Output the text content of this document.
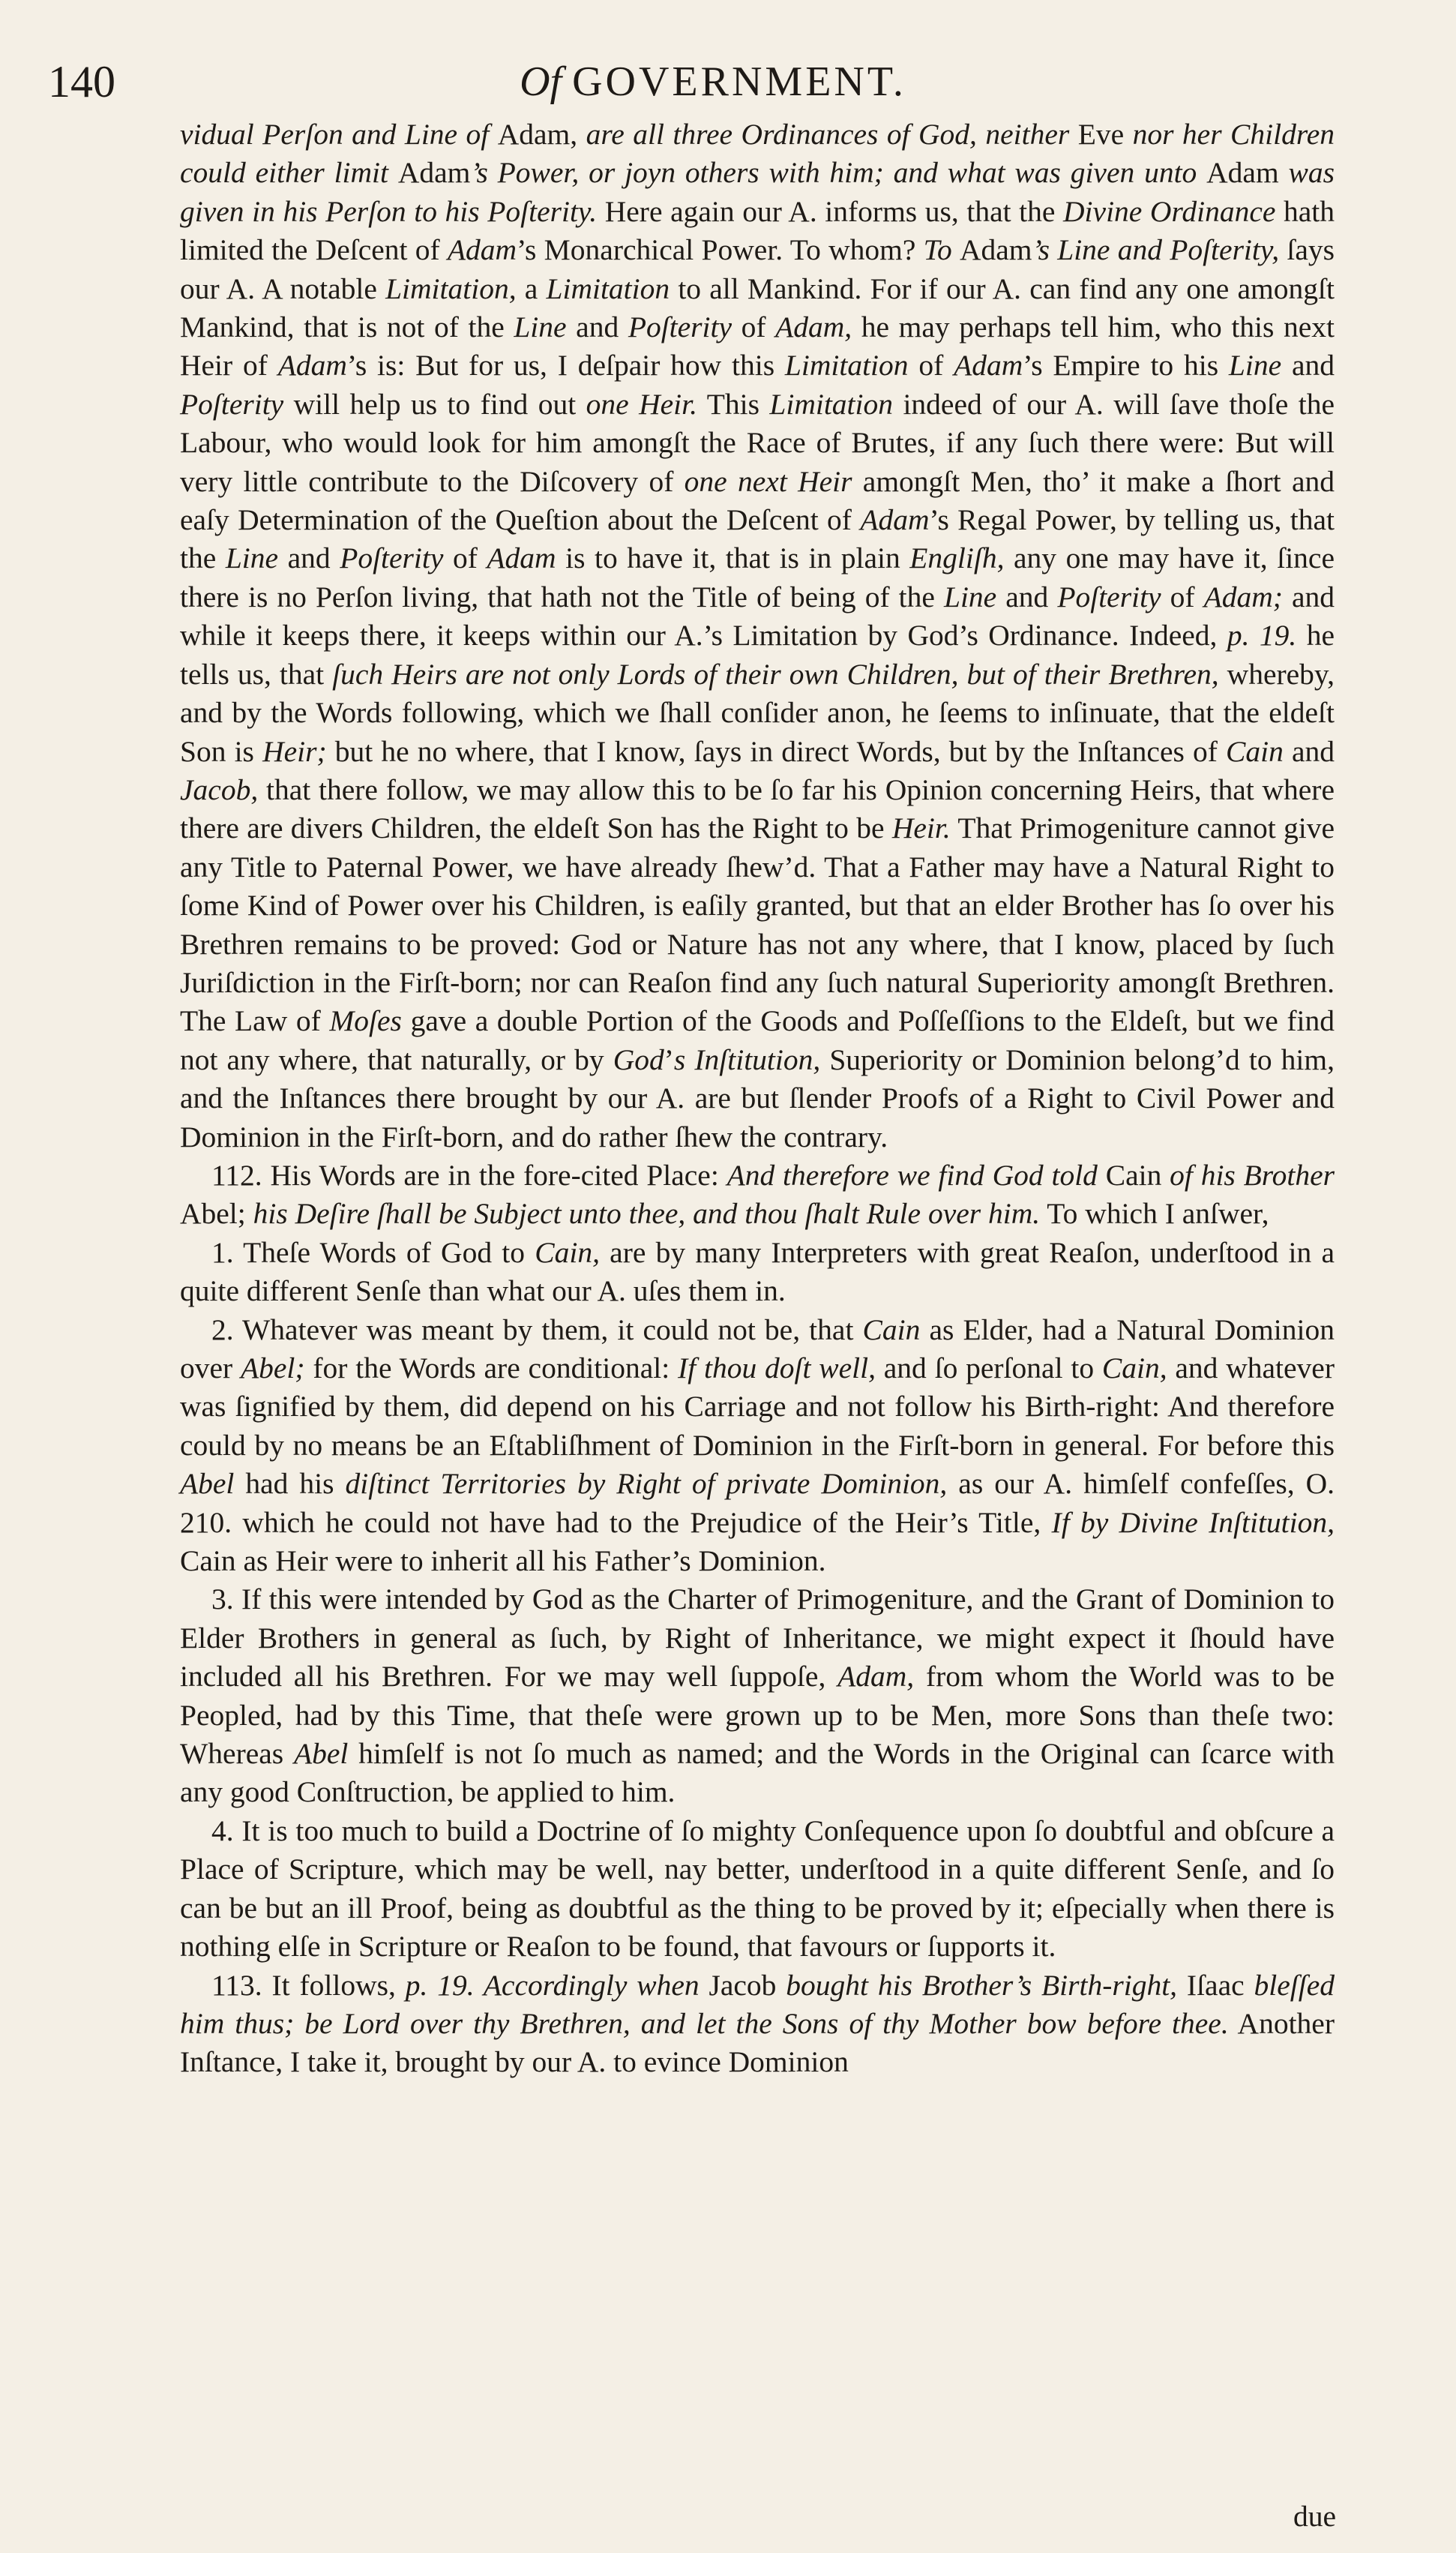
140	Of GOVERNMENT.

vidual Perſon and Line of Adam, are all three Ordinances of God, neither Eve nor her Children could either limit Adam’s Power, or joyn others with him; and what was given unto Adam was given in his Perſon to his Poſterity. Here again our A. informs us, that the Divine Ordinance hath limited the Deſcent of Adam’s Monarchical Power. To whom? To Adam’s Line and Poſterity, ſays our A. A notable Limitation, a Limitation to all Mankind. For if our A. can find any one amongſt Mankind, that is not of the Line and Poſterity of Adam, he may perhaps tell him, who this next Heir of Adam’s is: But for us, I deſpair how this Limitation of Adam’s Empire to his Line and Poſterity will help us to find out one Heir. This Limitation indeed of our A. will ſave thoſe the Labour, who would look for him amongſt the Race of Brutes, if any ſuch there were: But will very little contribute to the Diſcovery of one next Heir amongſt Men, tho’ it make a ſhort and eaſy Determination of the Queſtion about the Deſcent of Adam’s Regal Power, by telling us, that the Line and Poſterity of Adam is to have it, that is in plain Engliſh, any one may have it, ſince there is no Perſon living, that hath not the Title of being of the Line and Poſterity of Adam; and while it keeps there, it keeps within our A.’s Limitation by God’s Ordinance. Indeed, p. 19. he tells us, that ſuch Heirs are not only Lords of their own Children, but of their Brethren, whereby, and by the Words following, which we ſhall conſider anon, he ſeems to inſinuate, that the eldeſt Son is Heir; but he no where, that I know, ſays in direct Words, but by the Inſtances of Cain and Jacob, that there follow, we may allow this to be ſo far his Opinion concerning Heirs, that where there are divers Children, the eldeſt Son has the Right to be Heir. That Primogeniture cannot give any Title to Paternal Power, we have already ſhew’d. That a Father may have a Natural Right to ſome Kind of Power over his Children, is eaſily granted, but that an elder Brother has ſo over his Brethren remains to be proved: God or Nature has not any where, that I know, placed by ſuch Juriſdiction in the Firſt-born; nor can Reaſon find any ſuch natural Superiority amongſt Brethren. The Law of Moſes gave a double Portion of the Goods and Poſſeſſions to the Eldeſt, but we find not any where, that naturally, or by God’s Inſtitution, Superiority or Dominion belong’d to him, and the Inſtances there brought by our A. are but ſlender Proofs of a Right to Civil Power and Dominion in the Firſt-born, and do rather ſhew the contrary.

112. His Words are in the fore-cited Place: And therefore we find God told Cain of his Brother Abel; his Deſire ſhall be Subject unto thee, and thou ſhalt Rule over him. To which I anſwer,

1. Theſe Words of God to Cain, are by many Interpreters with great Reaſon, underſtood in a quite different Senſe than what our A. uſes them in.

2. Whatever was meant by them, it could not be, that Cain as Elder, had a Natural Dominion over Abel; for the Words are conditional: If thou doſt well, and ſo perſonal to Cain, and whatever was ſignified by them, did depend on his Carriage and not follow his Birth-right: And therefore could by no means be an Eſtabliſhment of Dominion in the Firſt-born in general. For before this Abel had his diſtinct Territories by Right of private Dominion, as our A. himſelf confeſſes, O. 210. which he could not have had to the Prejudice of the Heir’s Title, If by Divine Inſtitution, Cain as Heir were to inherit all his Father’s Dominion.

3. If this were intended by God as the Charter of Primogeniture, and the Grant of Dominion to Elder Brothers in general as ſuch, by Right of Inheritance, we might expect it ſhould have included all his Brethren. For we may well ſuppoſe, Adam, from whom the World was to be Peopled, had by this Time, that theſe were grown up to be Men, more Sons than theſe two: Whereas Abel himſelf is not ſo much as named; and the Words in the Original can ſcarce with any good Conſtruction, be applied to him.

4. It is too much to build a Doctrine of ſo mighty Conſequence upon ſo doubtful and obſcure a Place of Scripture, which may be well, nay better, underſtood in a quite different Senſe, and ſo can be but an ill Proof, being as doubtful as the thing to be proved by it; eſpecially when there is nothing elſe in Scripture or Reaſon to be found, that favours or ſupports it.

113. It follows, p. 19. Accordingly when Jacob bought his Brother’s Birth-right, Iſaac bleſſed him thus; be Lord over thy Brethren, and let the Sons of thy Mother bow before thee. Another Inſtance, I take it, brought by our A. to evince Dominion

due
